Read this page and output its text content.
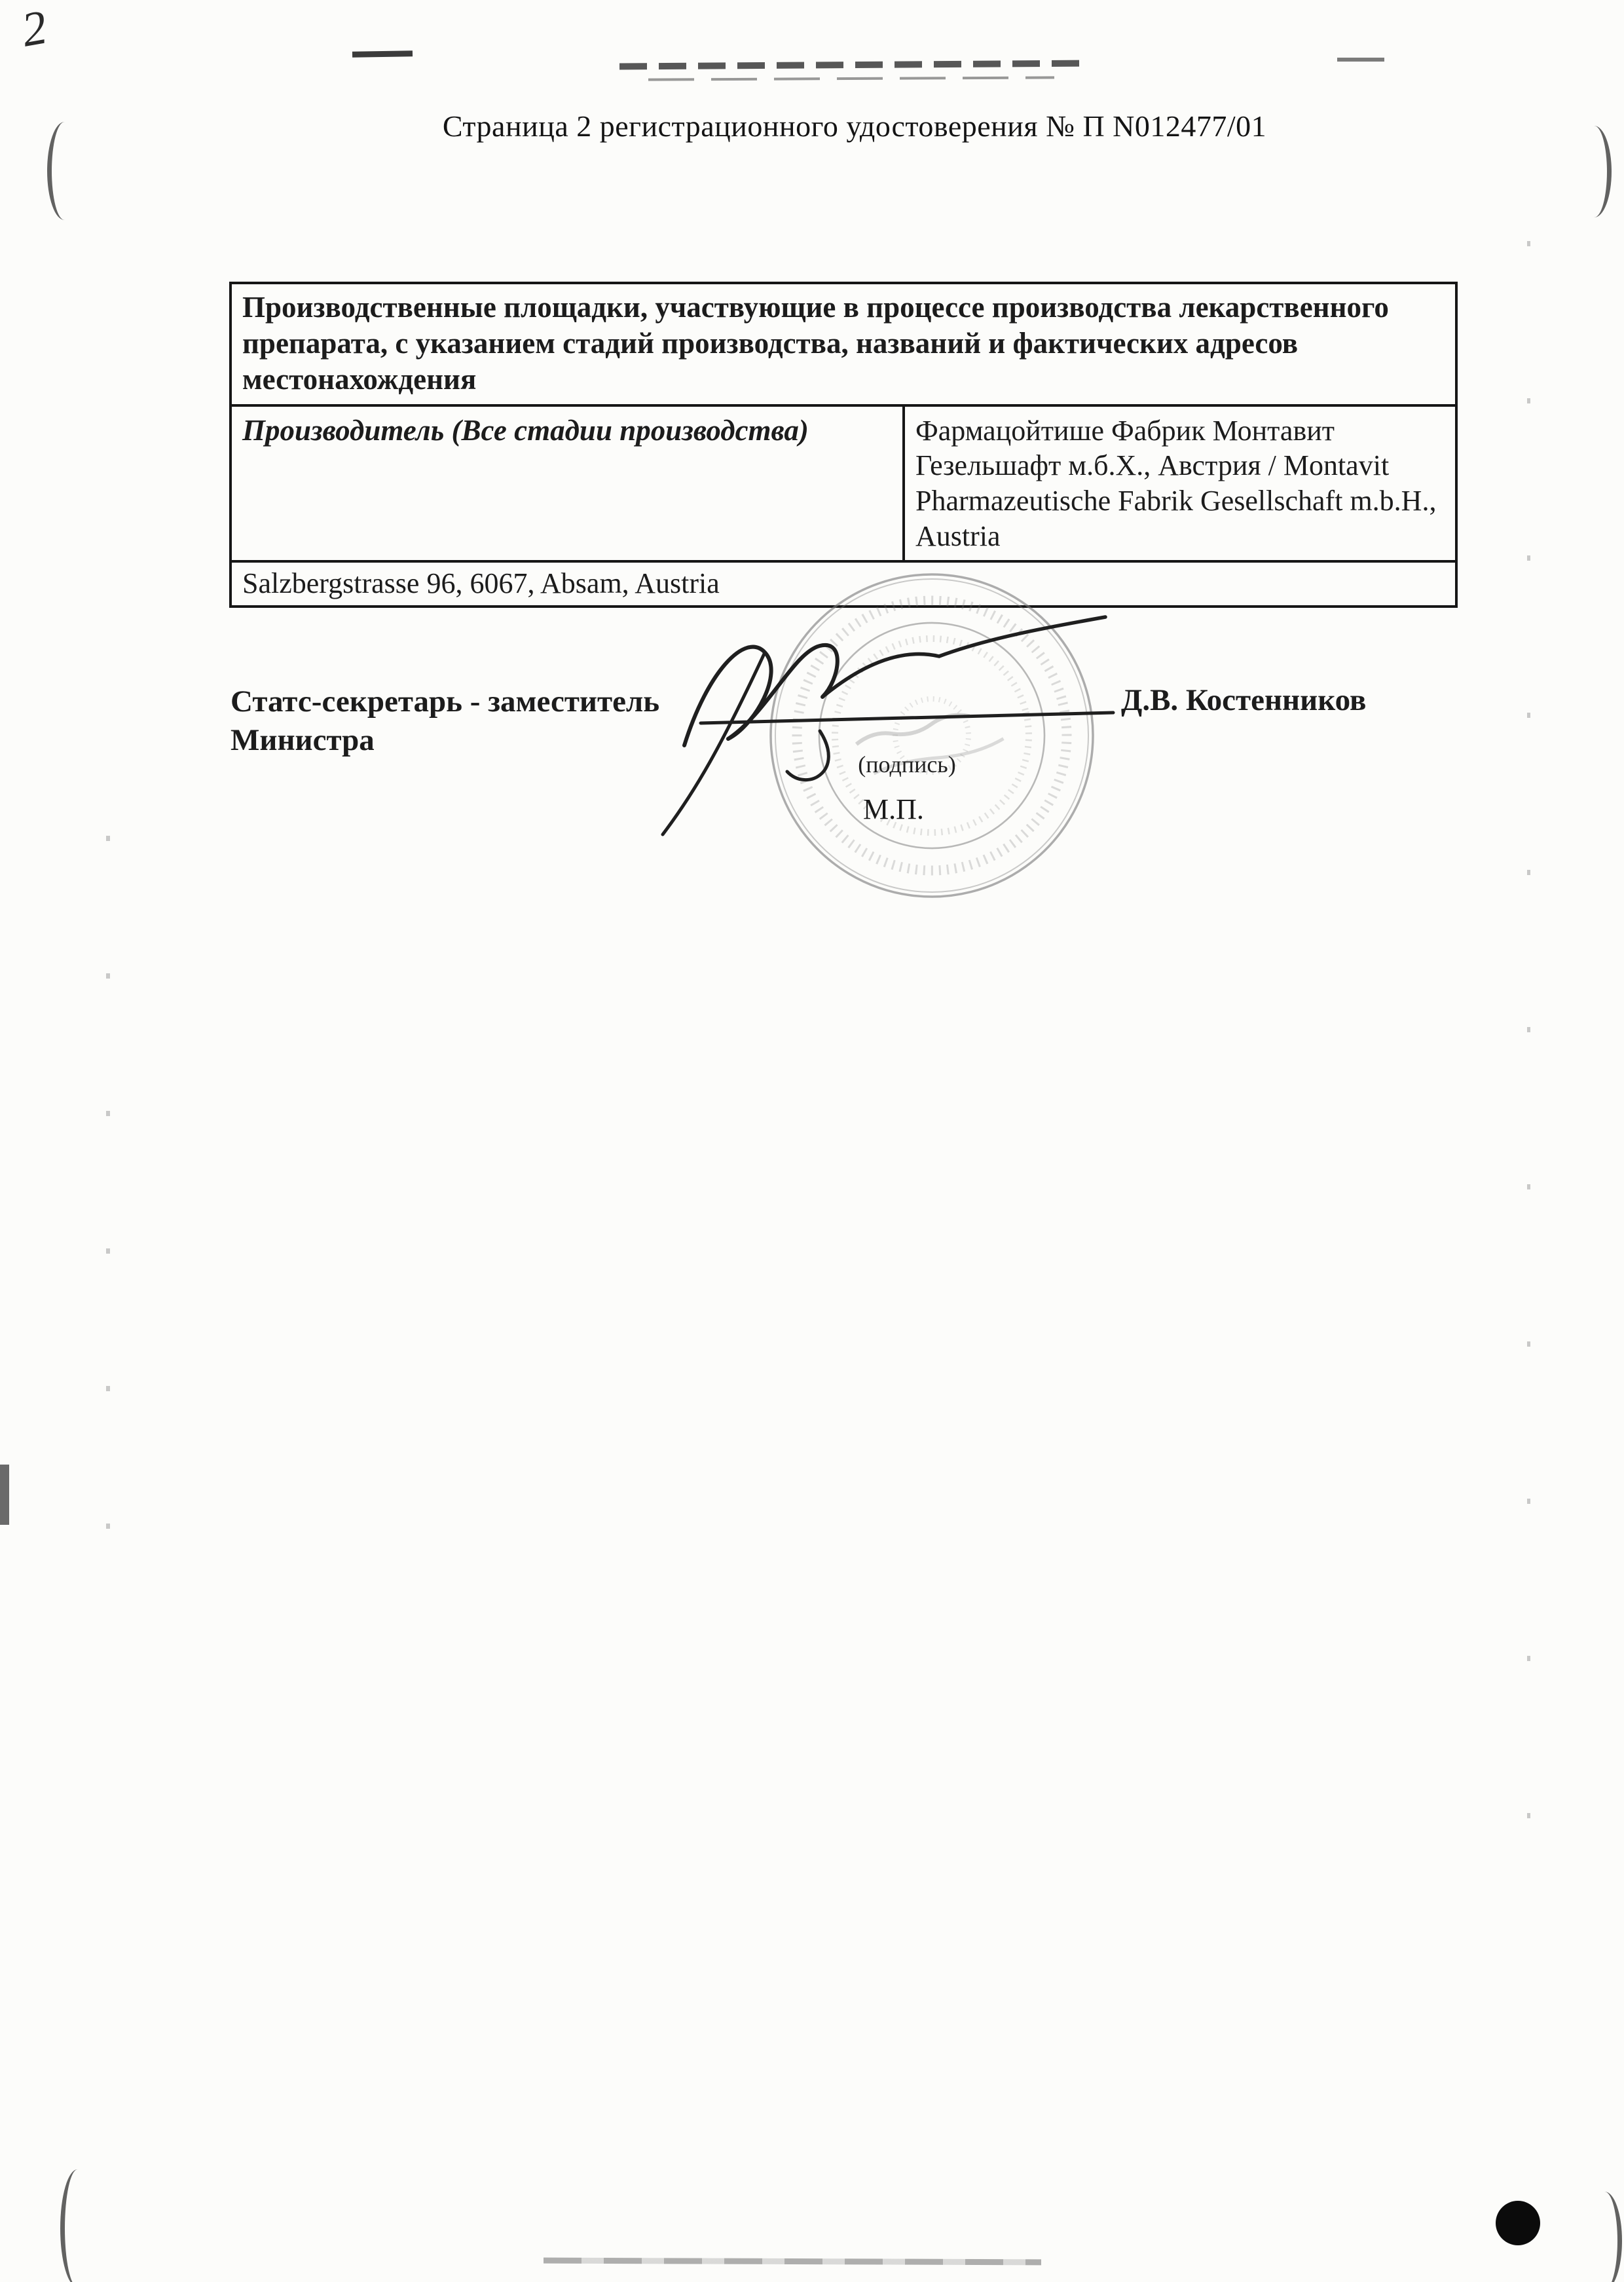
2
Страница 2 регистрационного удостоверения № П N012477/01
Производственные площадки, участвующие в процессе производства лекарственного препарата, с указанием стадий производства, названий и фактических адресов местонахождения
Производитель (Все стадии производства)	Фармацойтише Фабрик Монтавит Гезельшафт м.б.Х., Австрия / Montavit Pharmazeutische Fabrik Gesellschaft m.b.H., Austria
Salzbergstrasse 96, 6067, Absam, Austria
Статс-секретарь - заместитель
Министра
Д.В. Костенников
(подпись)
М.П.
